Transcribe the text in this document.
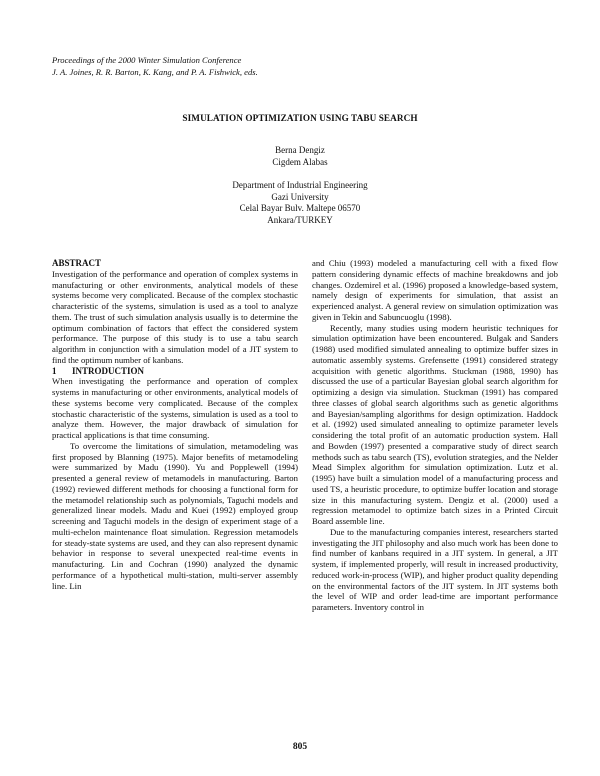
Proceedings of the 2000 Winter Simulation Conference
J. A. Joines, R. R. Barton, K. Kang, and P. A. Fishwick, eds.
SIMULATION OPTIMIZATION USING TABU SEARCH
Berna Dengiz
Cigdem Alabas
Department of Industrial Engineering
Gazi University
Celal Bayar Bulv. Maltepe 06570
Ankara/TURKEY

ABSTRACT

Investigation of the performance and operation of complex systems in manufacturing or other environments, analytical models of these systems become very complicated. Because of the complex stochastic characteristic of the systems, simulation is used as a tool to analyze them. The trust of such simulation analysis usually is to determine the optimum combination of factors that effect the considered system performance. The purpose of this study is to use a tabu search algorithm in conjunction with a simulation model of a JIT system to find the optimum number of kanbans.

1 INTRODUCTION

When investigating the performance and operation of complex systems in manufacturing or other environments, analytical models of these systems become very complicated. Because of the complex stochastic characteristic of the systems, simulation is used as a tool to analyze them. However, the major drawback of simulation for practical applications is that time consuming.

To overcome the limitations of simulation, metamodeling was first proposed by Blanning (1975). Major benefits of metamodeling were summarized by Madu (1990). Yu and Popplewell (1994) presented a general review of metamodels in manufacturing. Barton (1992) reviewed different methods for choosing a functional form for the metamodel relationship such as polynomials, Taguchi models and generalized linear models. Madu and Kuei (1992) employed group screening and Taguchi models in the design of experiment stage of a multi-echelon maintenance float simulation. Regression metamodels for steady-state systems are used, and they can also represent dynamic behavior in response to several unexpected real-time events in manufacturing. Lin and Cochran (1990) analyzed the dynamic performance of a hypothetical multi-station, multi-server assembly line. Lin

and Chiu (1993) modeled a manufacturing cell with a fixed flow pattern considering dynamic effects of machine breakdowns and job changes. Ozdemirel et al. (1996) proposed a knowledge-based system, namely design of experiments for simulation, that assist an experienced analyst. A general review on simulation optimization was given in Tekin and Sabuncuoglu (1998).

Recently, many studies using modern heuristic techniques for simulation optimization have been encountered. Bulgak and Sanders (1988) used modified simulated annealing to optimize buffer sizes in automatic assembly systems. Grefensette (1991) considered strategy acquisition with genetic algorithms. Stuckman (1988, 1990) has discussed the use of a particular Bayesian global search algorithm for optimizing a design via simulation. Stuckman (1991) has compared three classes of global search algorithms such as genetic algorithms and Bayesian/sampling algorithms for design optimization. Haddock et al. (1992) used simulated annealing to optimize parameter levels considering the total profit of an automatic production system. Hall and Bowden (1997) presented a comparative study of direct search methods such as tabu search (TS), evolution strategies, and the Nelder Mead Simplex algorithm for simulation optimization. Lutz et al. (1995) have built a simulation model of a manufacturing process and used TS, a heuristic procedure, to optimize buffer location and storage size in this manufacturing system. Dengiz et al. (2000) used a regression metamodel to optimize batch sizes in a Printed Circuit Board assemble line.

Due to the manufacturing companies interest, researchers started investigating the JIT philosophy and also much work has been done to find number of kanbans required in a JIT system. In general, a JIT system, if implemented properly, will result in increased productivity, reduced work-in-process (WIP), and higher product quality depending on the environmental factors of the JIT system. In JIT systems both the level of WIP and order lead-time are important performance parameters. Inventory control in

805
